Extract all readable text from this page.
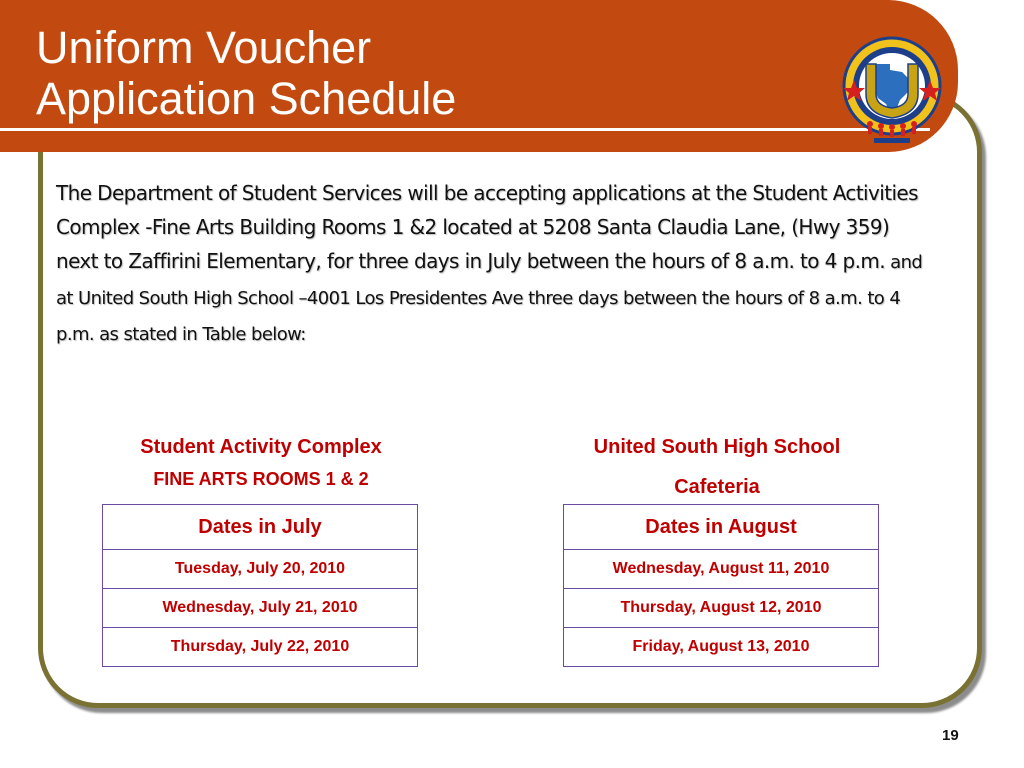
Uniform Voucher
Application Schedule

The Department of Student Services will be accepting applications at the Student Activities Complex -Fine Arts Building Rooms 1 &2 located at 5208 Santa Claudia Lane, (Hwy 359) next to Zaffirini Elementary, for three days in July between the hours of 8 a.m. to 4 p.m. and at United South High School –4001 Los Presidentes Ave three days between the hours of 8 a.m. to 4 p.m. as stated in Table below:

Student Activity Complex
FINE ARTS ROOMS 1 & 2
Dates in July
Tuesday, July 20, 2010
Wednesday, July 21, 2010
Thursday, July 22, 2010
United South High School
Cafeteria
Dates in August
Wednesday, August 11, 2010
Thursday, August 12, 2010
Friday, August 13, 2010
19
